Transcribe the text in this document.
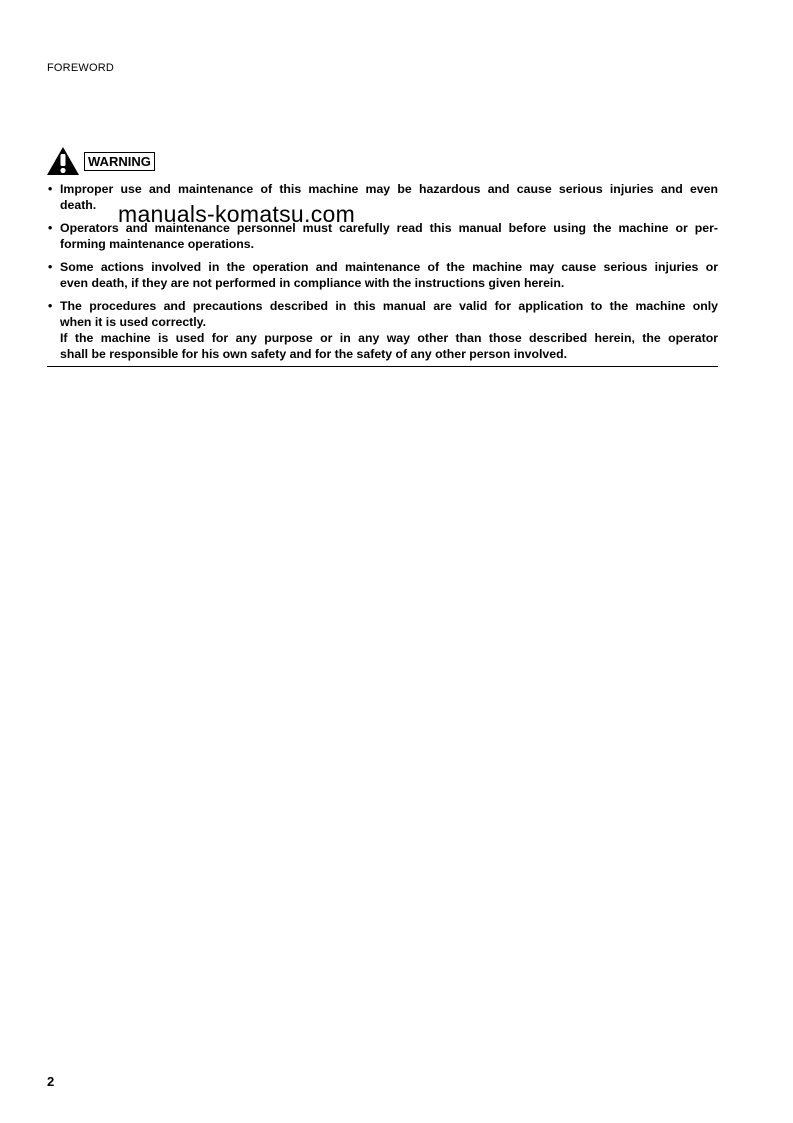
FOREWORD
WARNING
• Improper use and maintenance of this machine may be hazardous and cause serious injuries and even
death.
• Operators and maintenance personnel must carefully read this manual before using the machine or per-
forming maintenance operations.
• Some actions involved in the operation and maintenance of the machine may cause serious injuries or
even death, if they are not performed in compliance with the instructions given herein.
• The procedures and precautions described in this manual are valid for application to the machine only
when it is used correctly.
If the machine is used for any purpose or in any way other than those described herein, the operator
shall be responsible for his own safety and for the safety of any other person involved.
manuals-komatsu.com
2
